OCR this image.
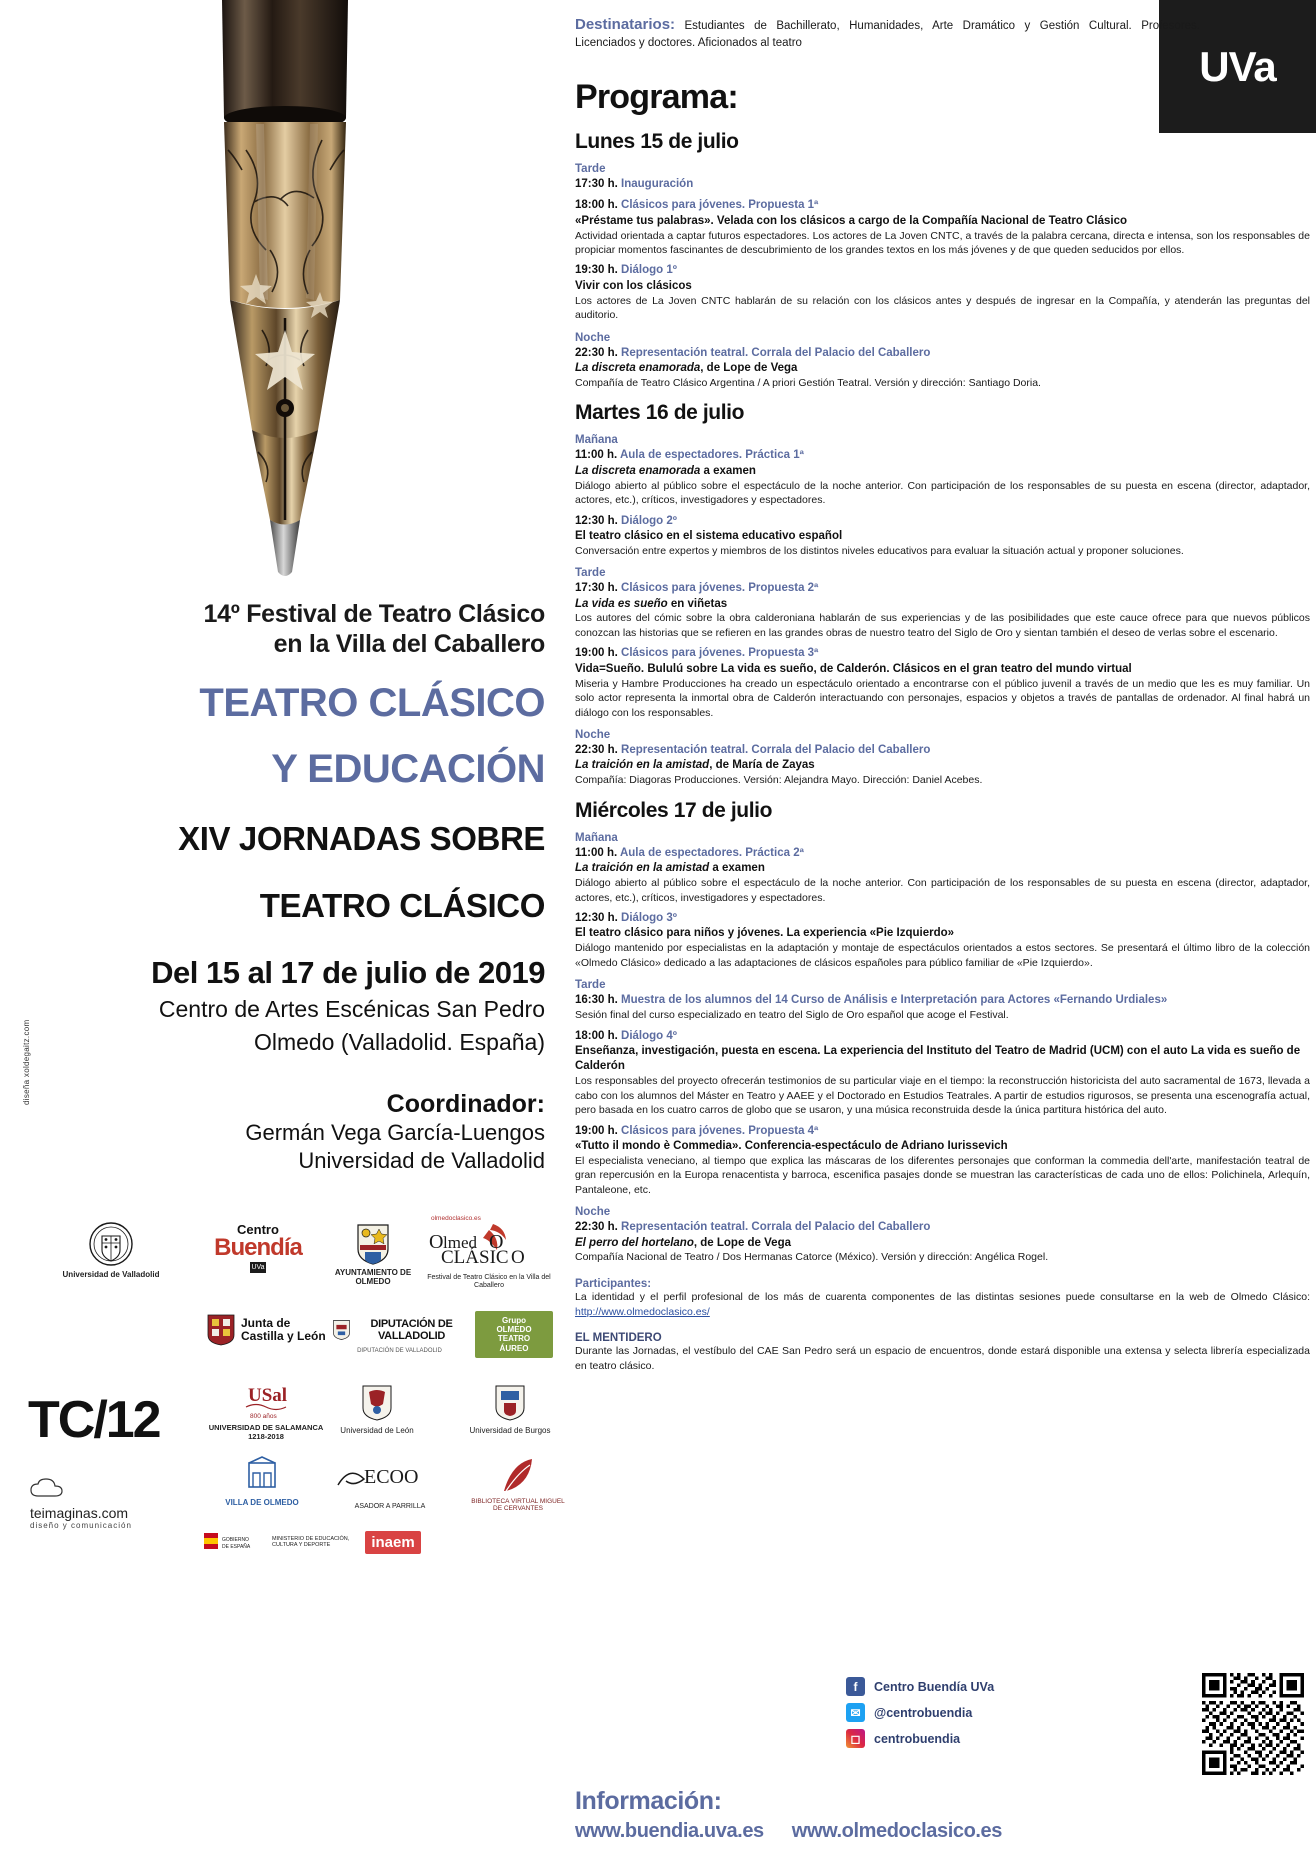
14º Festival de Teatro Clásico
en la Villa del Caballero
TEATRO CLÁSICO
Y EDUCACIÓN
XIV JORNADAS SOBRE
TEATRO CLÁSICO
Del 15 al 17 de julio de 2019
Centro de Artes Escénicas San Pedro
Olmedo (Valladolid. España)
Coordinador:
Germán Vega García-Luengos
Universidad de Valladolid
diseña xoldegaitz.com
Universidad de Valladolid
Centro
Buendía
UVa
AYUNTAMIENTO DE OLMEDO
olmedoclasico.es
O lmed O
CLÁSIC O
Festival de Teatro Clásico en la Villa del Caballero
Junta de
Castilla y León
DIPUTACIÓN DE VALLADOLID
DIPUTACIÓN DE VALLADOLID
Grupo
OLMEDO
TEATRO
ÁUREO
USal
800 años
UNIVERSIDAD DE SALAMANCA 1218-2018
Universidad de León	Universidad de Burgos
VILLA DE OLMEDO
ECOO
ASADOR A PARRILLA
BIBLIOTECA VIRTUAL MIGUEL DE CERVANTES
GOBIERNO
DE ESPAÑA
MINISTERIO DE EDUCACIÓN, CULTURA Y DEPORTE	inaem
TC/12
teimaginas.com
diseño y comunicación
UVa

Destinatarios: Estudiantes de Bachillerato, Humanidades, Arte Dramático y Gestión Cultural. Profesores. Licenciados y doctores. Aficionados al teatro

Programa:
Lunes 15 de julio
Tarde
17:30 h. Inauguración
18:00 h. Clásicos para jóvenes. Propuesta 1ª
«Préstame tus palabras». Velada con los clásicos a cargo de la Compañía Nacional de Teatro Clásico
Actividad orientada a captar futuros espectadores. Los actores de La Joven CNTC, a través de la palabra cercana, directa e intensa, son los responsables de propiciar momentos fascinantes de descubrimiento de los grandes textos en los más jóvenes y de que queden seducidos por ellos.
19:30 h. Diálogo 1º
Vivir con los clásicos
Los actores de La Joven CNTC hablarán de su relación con los clásicos antes y después de ingresar en la Compañía, y atenderán las preguntas del auditorio.
Noche
22:30 h. Representación teatral. Corrala del Palacio del Caballero
La discreta enamorada, de Lope de Vega
Compañía de Teatro Clásico Argentina / A priori Gestión Teatral. Versión y dirección: Santiago Doria.
Martes 16 de julio
Mañana
11:00 h. Aula de espectadores. Práctica 1ª
La discreta enamorada a examen
Diálogo abierto al público sobre el espectáculo de la noche anterior. Con participación de los responsables de su puesta en escena (director, adaptador, actores, etc.), críticos, investigadores y espectadores.
12:30 h. Diálogo 2º
El teatro clásico en el sistema educativo español
Conversación entre expertos y miembros de los distintos niveles educativos para evaluar la situación actual y proponer soluciones.
Tarde
17:30 h. Clásicos para jóvenes. Propuesta 2ª
La vida es sueño en viñetas
Los autores del cómic sobre la obra calderoniana hablarán de sus experiencias y de las posibilidades que este cauce ofrece para que nuevos públicos conozcan las historias que se refieren en las grandes obras de nuestro teatro del Siglo de Oro y sientan también el deseo de verlas sobre el escenario.
19:00 h. Clásicos para jóvenes. Propuesta 3ª
Vida=Sueño. Bululú sobre La vida es sueño, de Calderón. Clásicos en el gran teatro del mundo virtual
Miseria y Hambre Producciones ha creado un espectáculo orientado a encontrarse con el público juvenil a través de un medio que les es muy familiar. Un solo actor representa la inmortal obra de Calderón interactuando con personajes, espacios y objetos a través de pantallas de ordenador. Al final habrá un diálogo con los responsables.
Noche
22:30 h. Representación teatral. Corrala del Palacio del Caballero
La traición en la amistad, de María de Zayas
Compañía: Diagoras Producciones. Versión: Alejandra Mayo. Dirección: Daniel Acebes.
Miércoles 17 de julio
Mañana
11:00 h. Aula de espectadores. Práctica 2ª
La traición en la amistad a examen
Diálogo abierto al público sobre el espectáculo de la noche anterior. Con participación de los responsables de su puesta en escena (director, adaptador, actores, etc.), críticos, investigadores y espectadores.
12:30 h. Diálogo 3º
El teatro clásico para niños y jóvenes. La experiencia «Pie Izquierdo»
Diálogo mantenido por especialistas en la adaptación y montaje de espectáculos orientados a estos sectores. Se presentará el último libro de la colección «Olmedo Clásico» dedicado a las adaptaciones de clásicos españoles para público familiar de «Pie Izquierdo».
Tarde
16:30 h. Muestra de los alumnos del 14 Curso de Análisis e Interpretación para Actores «Fernando Urdiales»
Sesión final del curso especializado en teatro del Siglo de Oro español que acoge el Festival.
18:00 h. Diálogo 4º
Enseñanza, investigación, puesta en escena. La experiencia del Instituto del Teatro de Madrid (UCM) con el auto La vida es sueño de Calderón
Los responsables del proyecto ofrecerán testimonios de su particular viaje en el tiempo: la reconstrucción historicista del auto sacramental de 1673, llevada a cabo con los alumnos del Máster en Teatro y AAEE y el Doctorado en Estudios Teatrales. A partir de estudios rigurosos, se presenta una escenografía actual, pero basada en los cuatro carros de globo que se usaron, y una música reconstruida desde la única partitura histórica del auto.
19:00 h. Clásicos para jóvenes. Propuesta 4ª
«Tutto il mondo è Commedia». Conferencia-espectáculo de Adriano Iurissevich
El especialista veneciano, al tiempo que explica las máscaras de los diferentes personajes que conforman la commedia dell'arte, manifestación teatral de gran repercusión en la Europa renacentista y barroca, escenifica pasajes donde se muestran las características de cada uno de ellos: Polichinela, Arlequín, Pantaleone, etc.
Noche
22:30 h. Representación teatral. Corrala del Palacio del Caballero
El perro del hortelano, de Lope de Vega
Compañía Nacional de Teatro / Dos Hermanas Catorce (México). Versión y dirección: Angélica Rogel.
Participantes:
La identidad y el perfil profesional de los más de cuarenta componentes de las distintas sesiones puede consultarse en la web de Olmedo Clásico: http://www.olmedoclasico.es/
EL MENTIDERO
Durante las Jornadas, el vestíbulo del CAE San Pedro será un espacio de encuentros, donde estará disponible una extensa y selecta librería especializada en teatro clásico.
f	Centro Buendía UVa
✉	@centrobuendia
◻	centrobuendia
Información:
www.buendia.uva.es www.olmedoclasico.es
